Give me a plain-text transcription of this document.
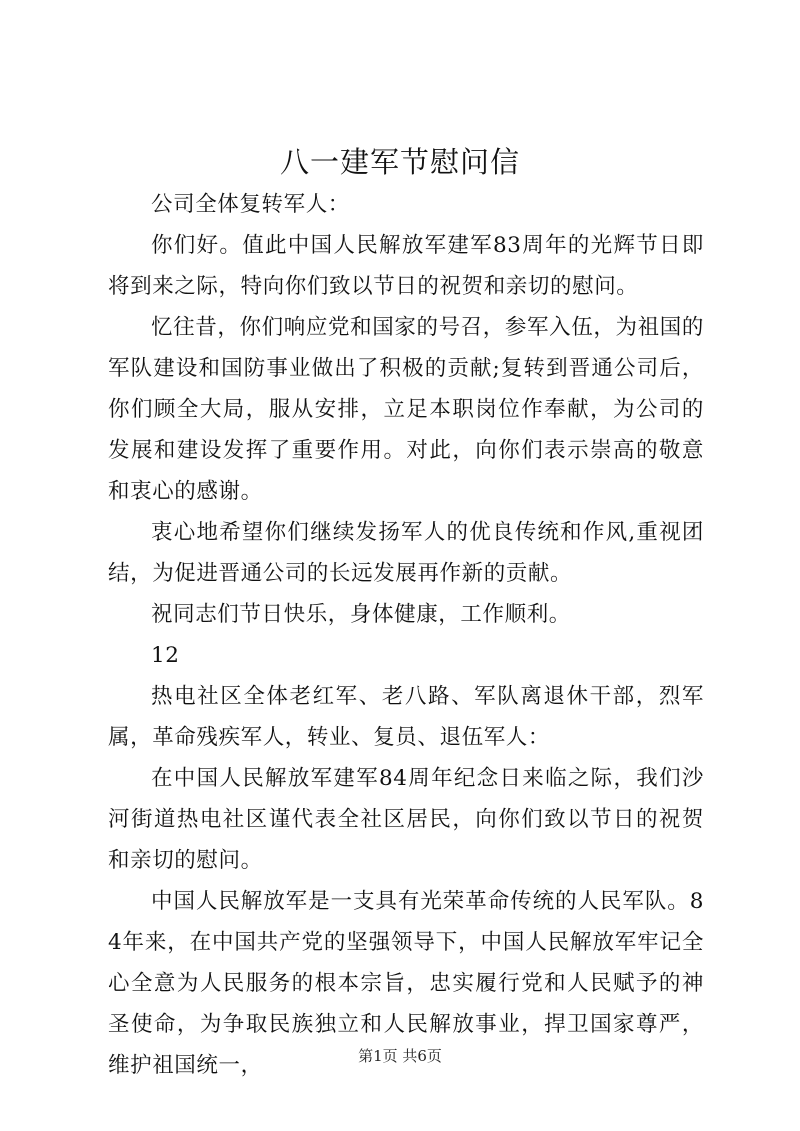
八一建军节慰问信

公司全体复转军人：

你们好。值此中国人民解放军建军83周年的光辉节日即将到来之际，特向你们致以节日的祝贺和亲切的慰问。

忆往昔，你们响应党和国家的号召，参军入伍，为祖国的军队建设和国防事业做出了积极的贡献;复转到晋通公司后，你们顾全大局，服从安排，立足本职岗位作奉献，为公司的发展和建设发挥了重要作用。对此，向你们表示崇高的敬意和衷心的感谢。

衷心地希望你们继续发扬军人的优良传统和作风,重视团结，为促进晋通公司的长远发展再作新的贡献。

祝同志们节日快乐，身体健康，工作顺利。

12

热电社区全体老红军、老八路、军队离退休干部，烈军属，革命残疾军人，转业、复员、退伍军人：

在中国人民解放军建军84周年纪念日来临之际，我们沙河街道热电社区谨代表全社区居民，向你们致以节日的祝贺和亲切的慰问。

中国人民解放军是一支具有光荣革命传统的人民军队。84年来，在中国共产党的坚强领导下，中国人民解放军牢记全心全意为人民服务的根本宗旨，忠实履行党和人民赋予的神圣使命，为争取民族独立和人民解放事业，捍卫国家尊严，维护祖国统一，	第1页 共6页
